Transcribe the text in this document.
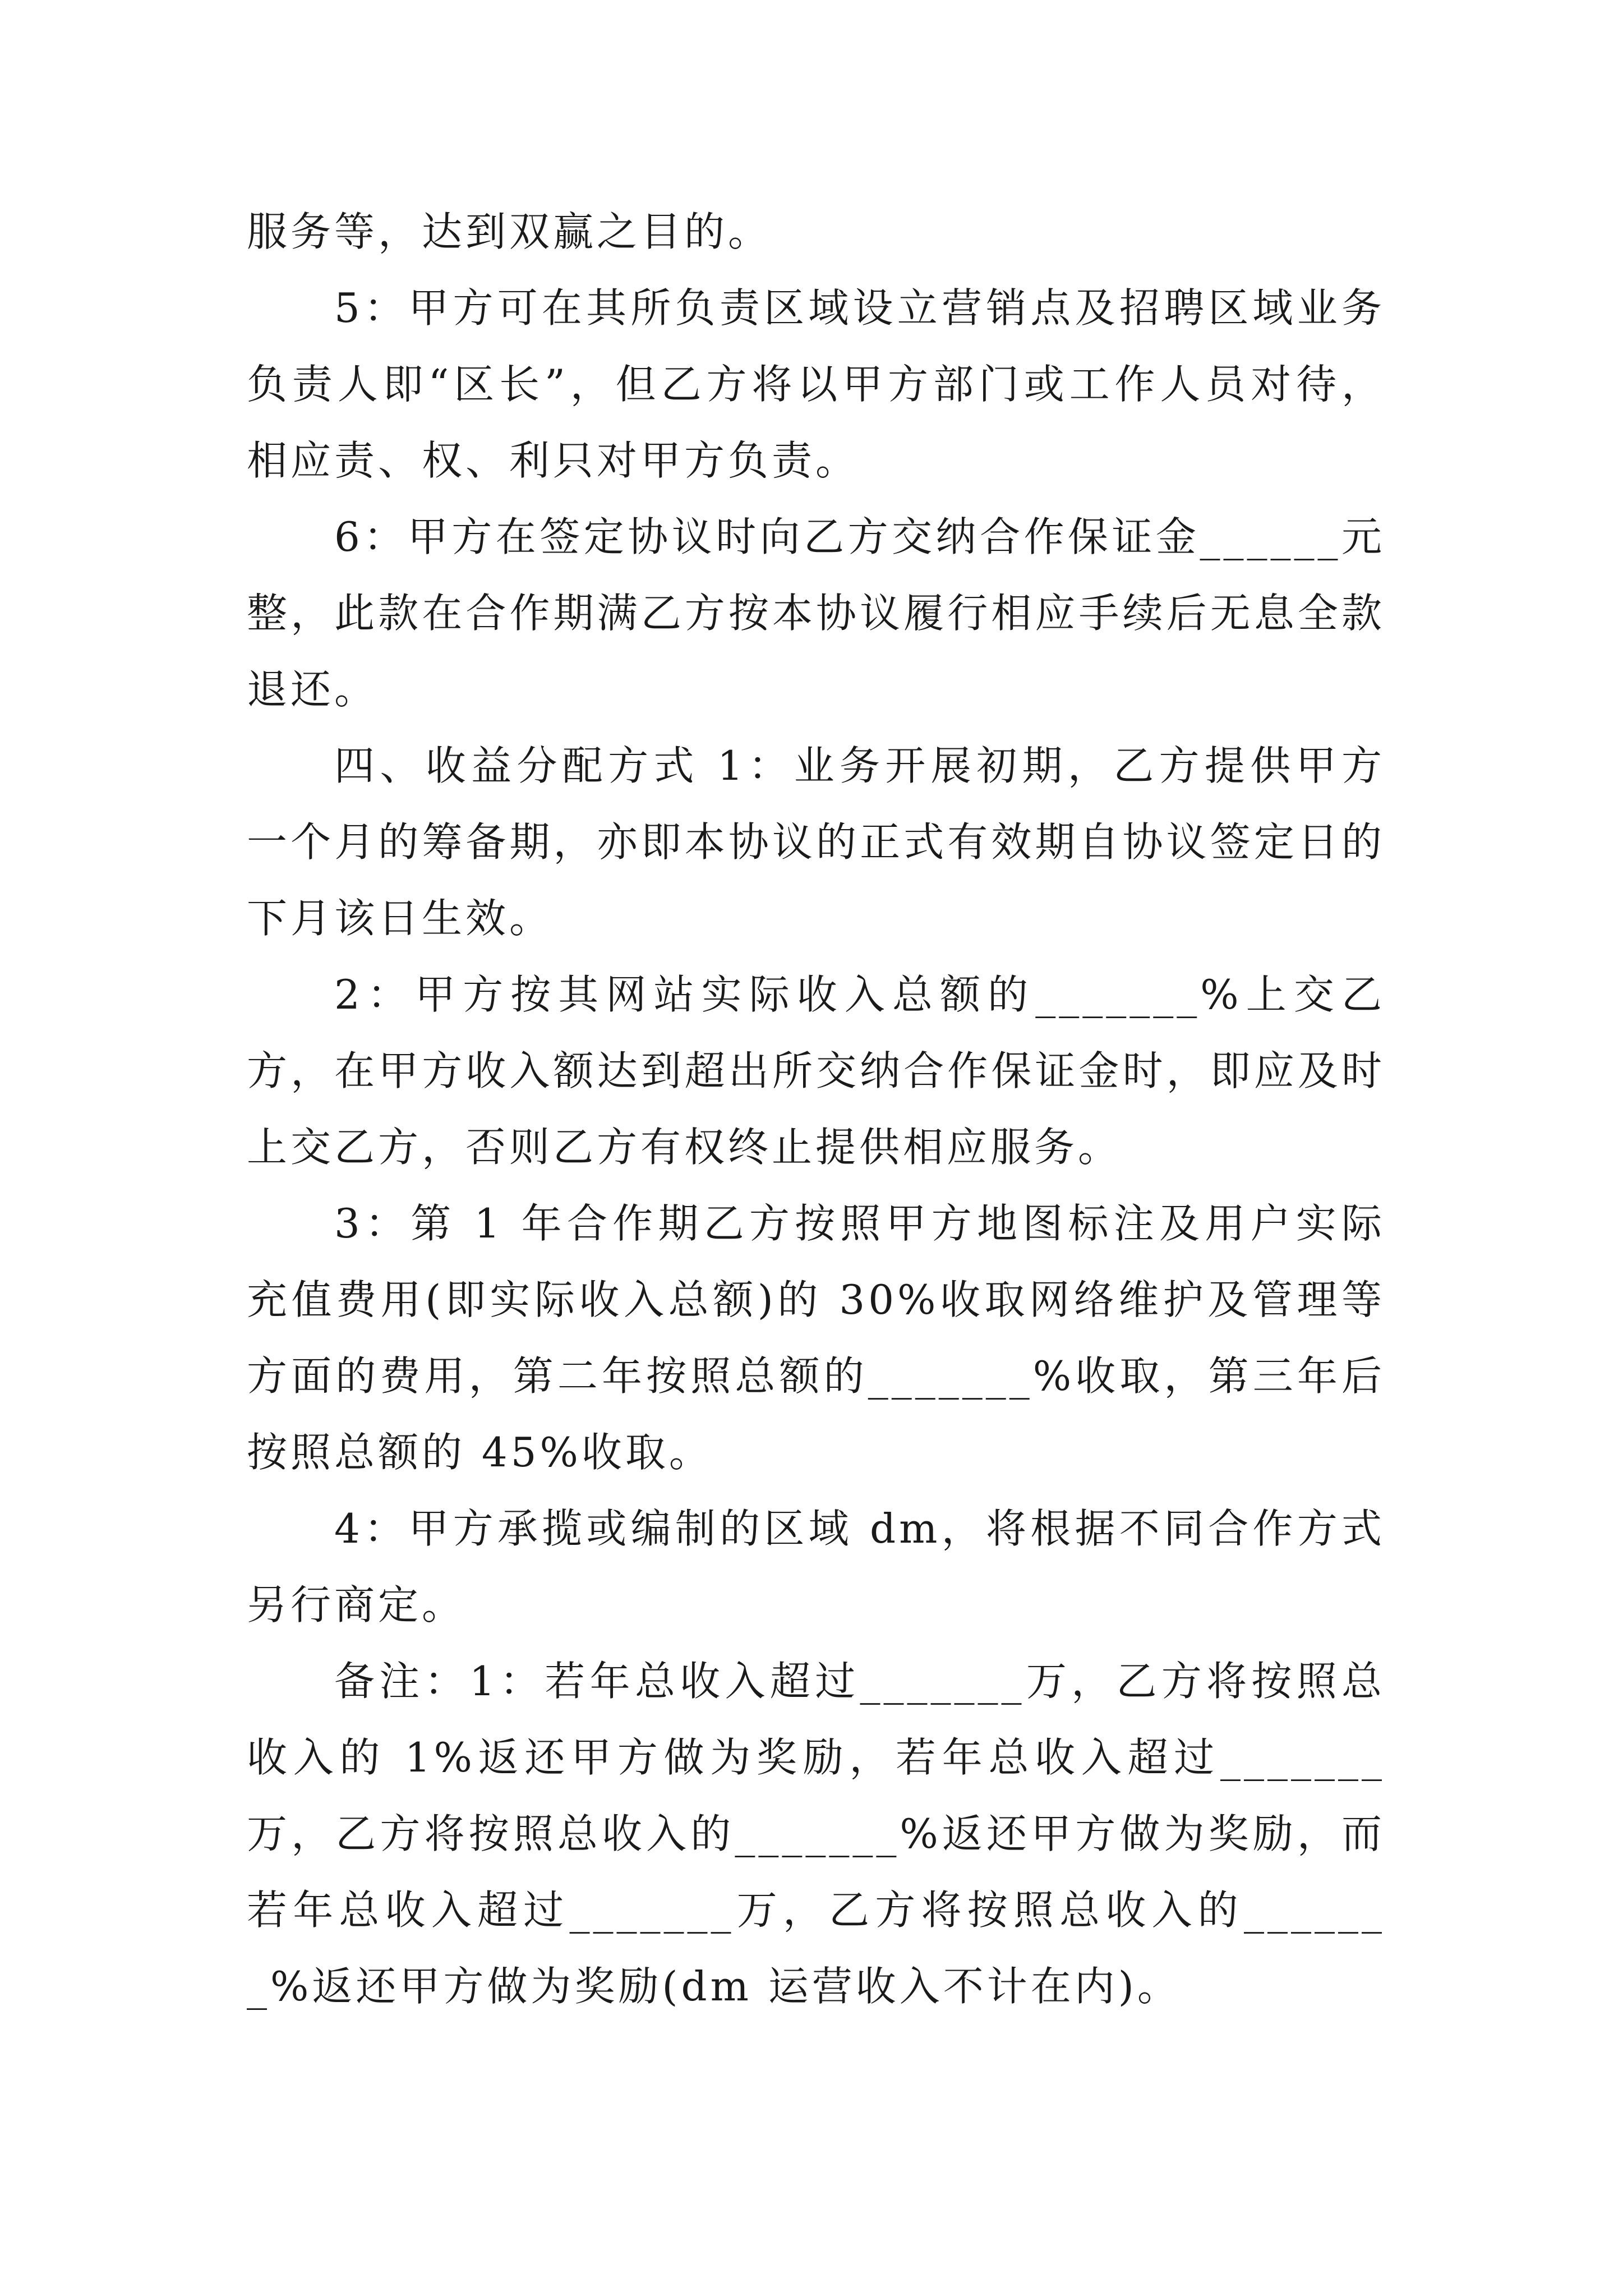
服务等，达到双赢之目的。

5：甲方可在其所负责区域设立营销点及招聘区域业务负责人即“区长”，但乙方将以甲方部门或工作人员对待，相应责、权、利只对甲方负责。

6：甲方在签定协议时向乙方交纳合作保证金______元整，此款在合作期满乙方按本协议履行相应手续后无息全款退还。

四、收益分配方式 1：业务开展初期，乙方提供甲方一个月的筹备期，亦即本协议的正式有效期自协议签定日的下月该日生效。

2：甲方按其网站实际收入总额的_______%上交乙方，在甲方收入额达到超出所交纳合作保证金时，即应及时上交乙方，否则乙方有权终止提供相应服务。

3：第 1 年合作期乙方按照甲方地图标注及用户实际充值费用(即实际收入总额)的 30%收取网络维护及管理等方面的费用，第二年按照总额的_______%收取，第三年后按照总额的 45%收取。

4：甲方承揽或编制的区域 dm，将根据不同合作方式另行商定。

备注：1：若年总收入超过_______万，乙方将按照总收入的 1%返还甲方做为奖励，若年总收入超过_______万，乙方将按照总收入的_______%返还甲方做为奖励，而若年总收入超过_______万，乙方将按照总收入的_______%返还甲方做为奖励(dm 运营收入不计在内)。
